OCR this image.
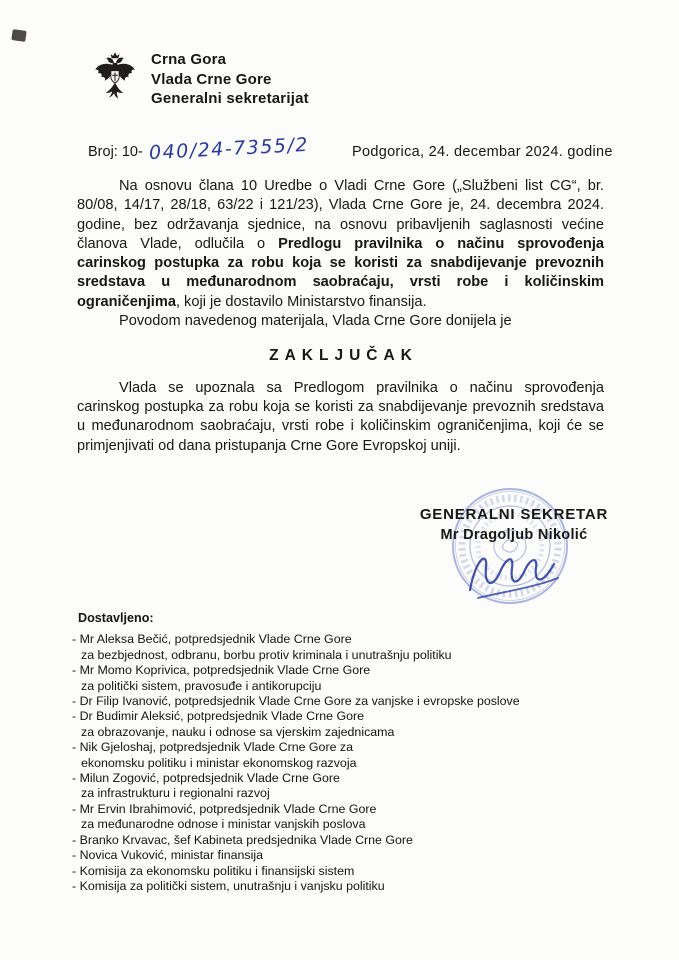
Crna Gora
Vlada Crne Gore
Generalni sekretarijat
Broj: 10- 040/24-7355/2	Podgorica, 24. decembar 2024. godine

Na osnovu člana 10 Uredbe o Vladi Crne Gore („Službeni list CG“, br. 80/08, 14/17, 28/18, 63/22 i 121/23), Vlada Crne Gore je, 24. decembra 2024. godine, bez održavanja sjednice, na osnovu pribavljenih saglasnosti većine članova Vlade, odlučila o Predlogu pravilnika o načinu sprovođenja carinskog postupka za robu koja se koristi za snabdijevanje prevoznih sredstava u međunarodnom saobraćaju, vrsti robe i količinskim ograničenjima, koji je dostavilo Ministarstvo finansija.

Povodom navedenog materijala, Vlada Crne Gore donijela je

ZAKLJUČAK

Vlada se upoznala sa Predlogom pravilnika o načinu sprovođenja carinskog postupka za robu koja se koristi za snabdijevanje prevoznih sredstava u međunarodnom saobraćaju, vrsti robe i količinskim ograničenjima, koji će se primjenjivati od dana pristupanja Crne Gore Evropskoj uniji.

GENERALNI SEKRETAR
Mr Dragoljub Nikolić
Dostavljeno:
- Mr Aleksa Bečić, potpredsjednik Vlade Crne Gore
za bezbjednost, odbranu, borbu protiv kriminala i unutrašnju politiku
- Mr Momo Koprivica, potpredsjednik Vlade Crne Gore
za politički sistem, pravosuđe i antikorupciju
- Dr Filip Ivanović, potpredsjednik Vlade Crne Gore za vanjske i evropske poslove
- Dr Budimir Aleksić, potpredsjednik Vlade Crne Gore
za obrazovanje, nauku i odnose sa vjerskim zajednicama
- Nik Gjeloshaj, potpredsjednik Vlade Crne Gore za
ekonomsku politiku i ministar ekonomskog razvoja
- Milun Zogović, potpredsjednik Vlade Crne Gore
za infrastrukturu i regionalni razvoj
- Mr Ervin Ibrahimović, potpredsjednik Vlade Crne Gore
za međunarodne odnose i ministar vanjskih poslova
- Branko Krvavac, šef Kabineta predsjednika Vlade Crne Gore
- Novica Vuković, ministar finansija
- Komisija za ekonomsku politiku i finansijski sistem
- Komisija za politički sistem, unutrašnju i vanjsku politiku
